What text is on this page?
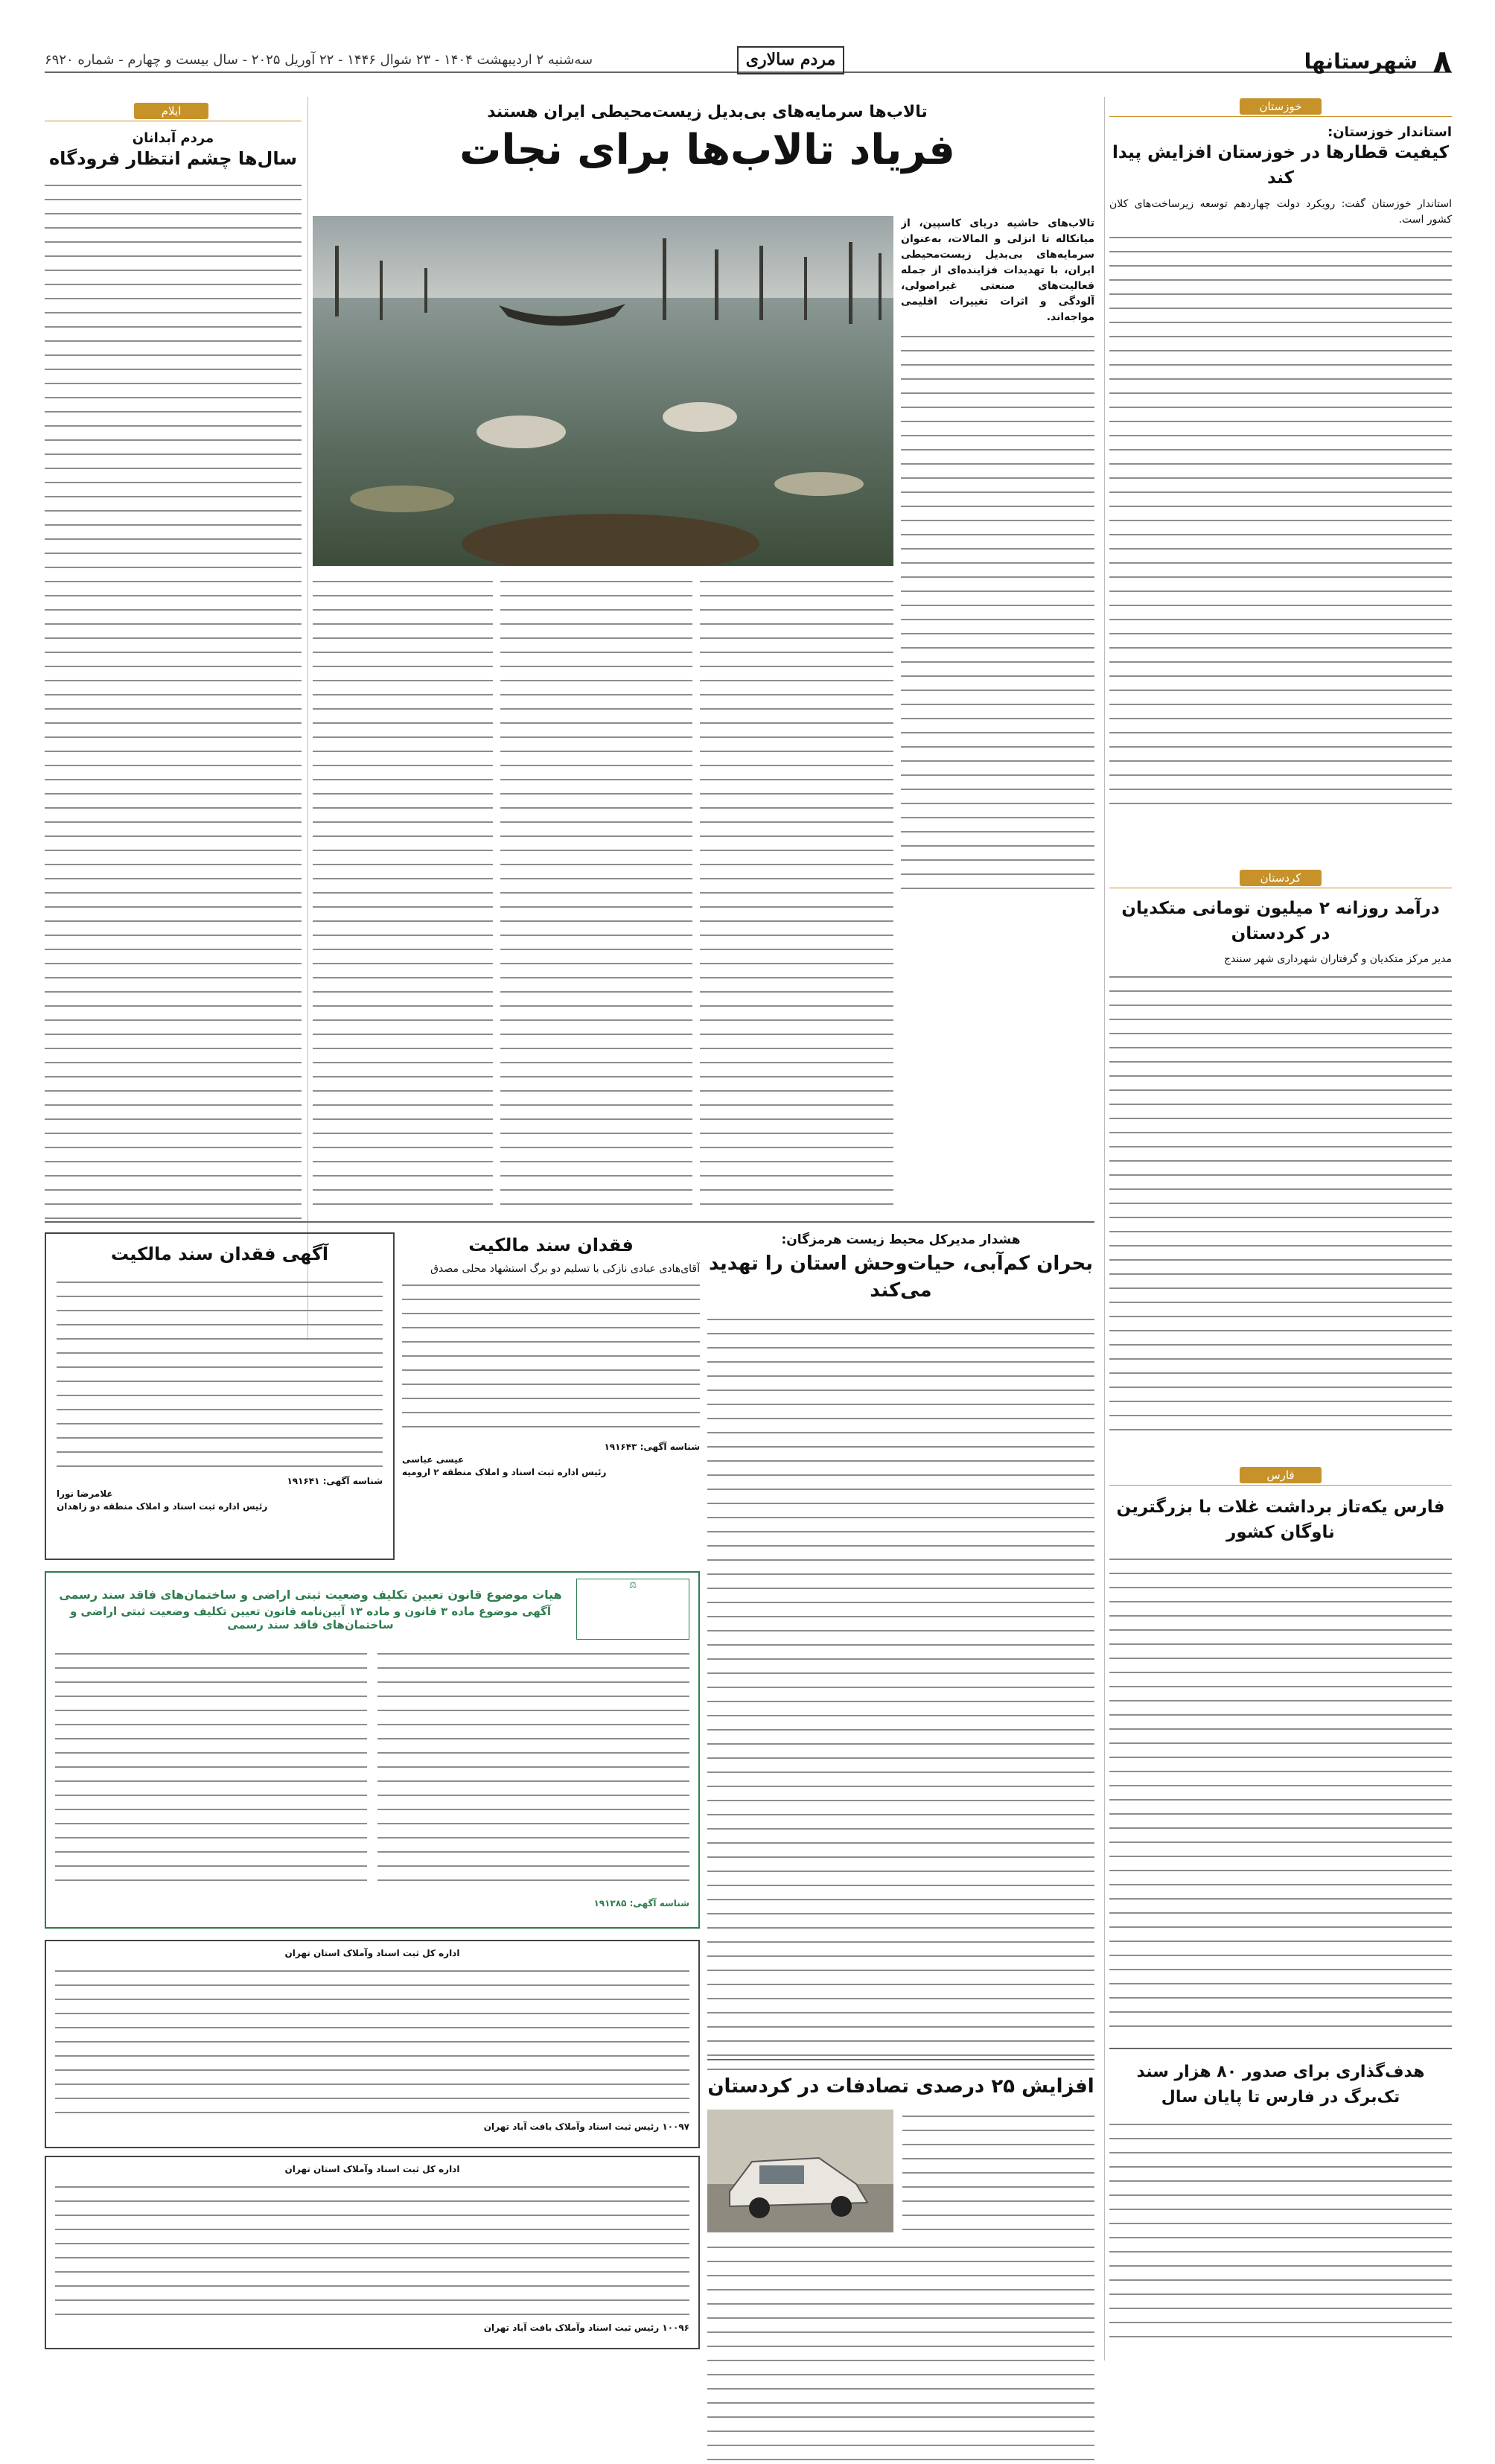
۸
شهرستانها
مردم سالاری
سه‌شنبه ۲ اردیبهشت ۱۴۰۴ - ۲۳ شوال ۱۴۴۶ - ۲۲ آوریل ۲۰۲۵ - سال بیست و چهارم - شماره ۶۹۲۰
خوزستان
استاندار خوزستان:
کیفیت قطارها در خوزستان افزایش پیدا کند
استاندار خوزستان گفت: رویکرد دولت چهاردهم توسعه زیرساخت‌های کلان کشور است.
کردستان
درآمد روزانه ۲ میلیون تومانی متکدیان در کردستان
مدیر مرکز متکدیان و گرفتاران شهرداری شهر سنندج
فارس
فارس یکه‌تاز برداشت غلات با بزرگترین ناوگان کشور
هدف‌گذاری برای صدور ۸۰ هزار سند تک‌برگ در فارس تا پایان سال
تالاب‌ها سرمایه‌های بی‌بدیل زیست‌محیطی ایران هستند
فریاد تالاب‌ها برای نجات
تالاب‌های حاشیه دریای کاسپین، از میانکاله تا انزلی و المالات، به‌عنوان سرمایه‌های بی‌بدیل زیست‌محیطی ایران، با تهدیدات فزاینده‌ای از جمله فعالیت‌های صنعتی غیراصولی، آلودگی و اثرات تغییرات اقلیمی مواجه‌اند.
ایلام
مردم آبدانان
سال‌ها چشم انتظار فرودگاه
هشدار مدیرکل محیط زیست هرمزگان:
بحران کم‌آبی، حیات‌وحش استان را تهدید می‌کند
افزایش ۲۵ درصدی تصادفات در کردستان
فقدان سند مالکیت
آقای‌هادی عبادی نازکی با تسلیم دو برگ استشهاد محلی مصدق
شناسه آگهی: ۱۹۱۶۴۳
عیسی عباسی
رئیس اداره ثبت اسناد و املاک منطقه ۲ ارومیه
آگهی فقدان سند مالکیت
شناسه آگهی: ۱۹۱۶۴۱
غلامرضا نورا
رئیس اداره ثبت اسناد و املاک منطقه دو زاهدان
⚖
هیات موضوع قانون تعیین تکلیف وضعیت ثبتی اراضی و ساختمان‌های فاقد سند رسمی
آگهی موضوع ماده ۳ قانون و ماده ۱۳ آیین‌نامه قانون تعیین تکلیف وضعیت ثبتی اراضی و ساختمان‌های فاقد سند رسمی
شناسه آگهی: ۱۹۱۳۸۵
اداره کل ثبت اسناد وآملاک استان تهران
۱۰۰۹۷ رئیس ثبت اسناد وآملاک بافت آباد تهران
اداره کل ثبت اسناد وآملاک استان تهران
۱۰۰۹۶ رئیس ثبت اسناد وآملاک بافت آباد تهران
